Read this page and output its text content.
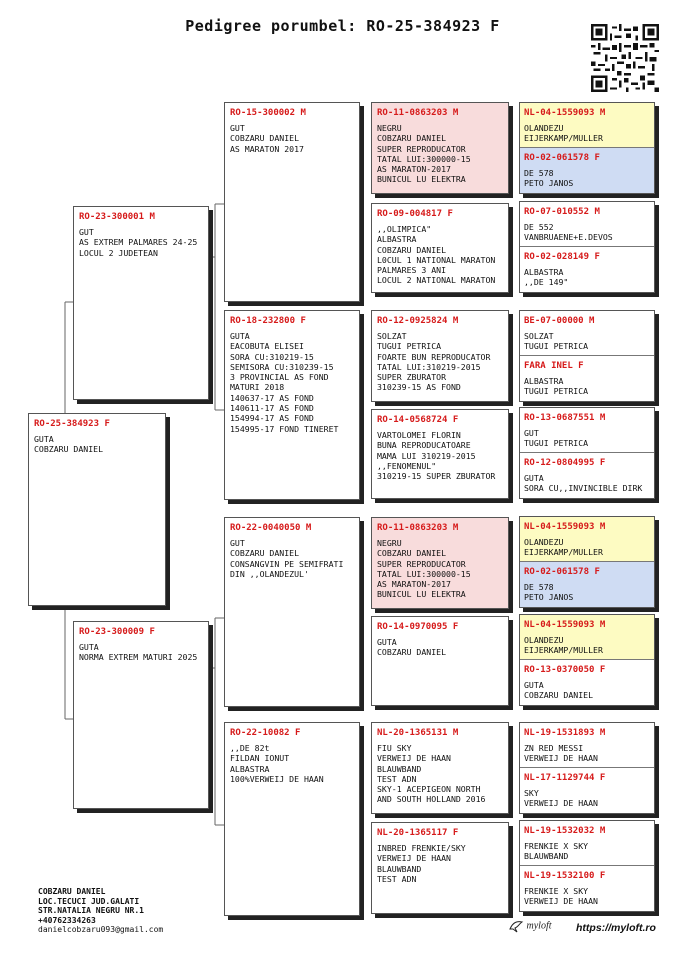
Pedigree porumbel: RO-25-384923 F
RO-25-384923 F
GUTA
COBZARU DANIEL
RO-23-300001 M
GUT
AS EXTREM PALMARES 24-25
LOCUL 2 JUDETEAN
RO-23-300009 F
GUTA
NORMA EXTREM MATURI 2025
RO-15-300002 M
GUT
COBZARU DANIEL
AS MARATON 2017
RO-18-232800 F
GUTA
EACOBUTA ELISEI
SORA CU:310219-15
SEMISORA CU:310239-15
3 PROVINCIAL AS FOND
MATURI 2018
140637-17 AS FOND
140611-17 AS FOND
154994-17 AS FOND
154995-17 FOND TINERET
RO-22-0040050 M
GUT
COBZARU DANIEL
CONSANGVIN PE SEMIFRATI
DIN ,,OLANDEZUL'
RO-22-10082 F
,,DE 82t
FILDAN IONUT
ALBASTRA
100%VERWEIJ DE HAAN
RO-11-0863203 M
NEGRU
COBZARU DANIEL
SUPER REPRODUCATOR
TATAL LUI:300000-15
AS MARATON-2017
BUNICUL LU ELEKTRA
RO-09-004817 F
,,OLIMPICA"
ALBASTRA
COBZARU DANIEL
L0CUL 1 NATIONAL MARATON
PALMARES 3 ANI
LOCUL 2 NATIONAL MARATON
RO-12-0925824 M
SOLZAT
TUGUI PETRICA
FOARTE BUN REPRODUCATOR
TATAL LUI:310219-2015
SUPER ZBURATOR
310239-15 AS FOND
RO-14-0568724 F
VARTOLOMEI FLORIN
BUNA REPRODUCATOARE
MAMA LUI 310219-2015
,,FENOMENUL"
310219-15 SUPER ZBURATOR
RO-11-0863203 M
NEGRU
COBZARU DANIEL
SUPER REPRODUCATOR
TATAL LUI:300000-15
AS MARATON-2017
BUNICUL LU ELEKTRA
RO-14-0970095 F
GUTA
COBZARU DANIEL
NL-20-1365131 M
FIU SKY
VERWEIJ DE HAAN
BLAUWBAND
TEST ADN
SKY-1 ACEPIGEON NORTH
AND SOUTH HOLLAND 2016
NL-20-1365117 F
INBRED FRENKIE/SKY
VERWEIJ DE HAAN
BLAUWBAND
TEST ADN
NL-04-1559093 M
OLANDEZU
EIJERKAMP/MULLER
RO-02-061578 F
DE 578
PETO JANOS
RO-07-010552 M
DE 552
VANBRUAENE+E.DEVOS
RO-02-028149 F
ALBASTRA
,,DE 149"
BE-07-00000 M
SOLZAT
TUGUI PETRICA
FARA INEL F
ALBASTRA
TUGUI PETRICA
RO-13-0687551 M
GUT
TUGUI PETRICA
RO-12-0804995 F
GUTA
SORA CU,,INVINCIBLE DIRK
NL-04-1559093 M
OLANDEZU
EIJERKAMP/MULLER
RO-02-061578 F
DE 578
PETO JANOS
NL-04-1559093 M
OLANDEZU
EIJERKAMP/MULLER
RO-13-0370050 F
GUTA
COBZARU DANIEL
NL-19-1531893 M
ZN RED MESSI
VERWEIJ DE HAAN
NL-17-1129744 F
SKY
VERWEIJ DE HAAN
NL-19-1532032 M
FRENKIE X SKY
BLAUWBAND
NL-19-1532100 F
FRENKIE X SKY
VERWEIJ DE HAAN
COBZARU DANIEL
LOC.TECUCI JUD.GALATI
STR.NATALIA NEGRU NR.1
+40762334263
danielcobzaru093@gmail.com	myloft https://myloft.ro
